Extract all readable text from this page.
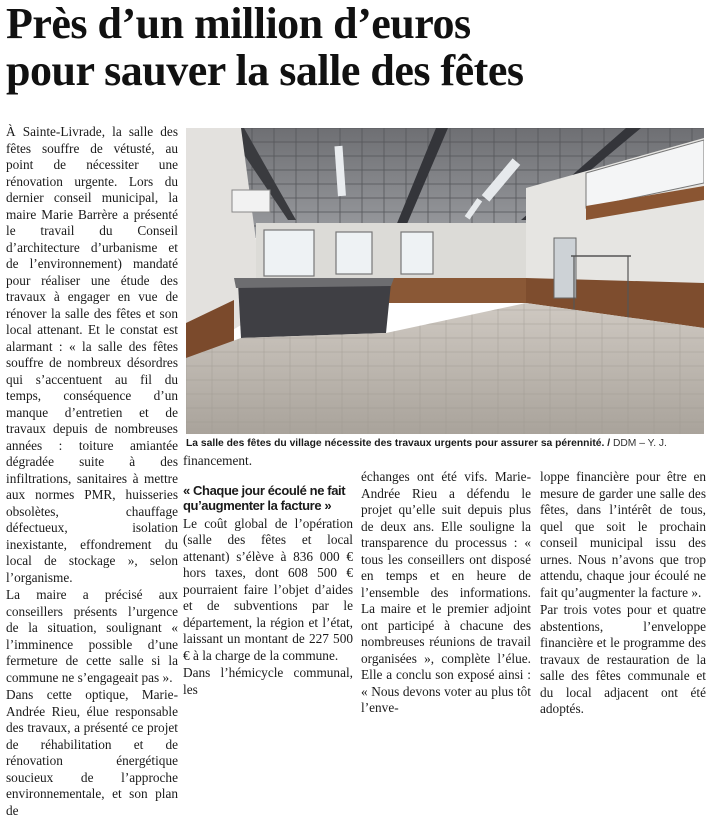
Près d’un million d’euros
pour sauver la salle des fêtes

À Sainte-Livrade, la salle des fêtes souffre de vétusté, au point de nécessiter une rénovation urgente. Lors du dernier conseil municipal, la maire Marie Barrère a présenté le travail du Conseil d’architecture d’urbanisme et de l’environnement) mandaté pour réaliser une étude des travaux à engager en vue de rénover la salle des fêtes et son local attenant. Et le constat est alarmant : « la salle des fêtes souffre de nombreux désordres qui s’accentuent au fil du temps, conséquence d’un manque d’entretien et de travaux depuis de nombreuses années : toiture amiantée dégradée suite à des infiltrations, sanitaires à mettre aux normes PMR, huisseries obsolètes, chauffage défectueux, isolation inexistante, effondrement du local de stockage », selon l’organisme.

La maire a précisé aux conseillers présents l’urgence de la situation, soulignant « l’imminence possible d’une fermeture de cette salle si la commune ne s’engageait pas ».

Dans cette optique, Marie-Andrée Rieu, élue responsable des travaux, a présenté ce projet de réhabilitation et de rénovation énergétique soucieux de l’approche environnementale, et son plan de

La salle des fêtes du village nécessite des travaux urgents pour assurer sa pérennité. / DDM – Y. J.

financement.

« Chaque jour écoulé ne fait qu’augmenter la facture »

Le coût global de l’opération (salle des fêtes et local attenant) s’élève à 836 000 € hors taxes, dont 608 500 € pourraient faire l’objet d’aides et de subventions par le département, la région et l’état, laissant un montant de 227 500 € à la charge de la commune.

Dans l’hémicycle communal, les

échanges ont été vifs. Marie-Andrée Rieu a défendu le projet qu’elle suit depuis plus de deux ans. Elle souligne la transparence du processus : « tous les conseillers ont disposé en temps et en heure de l’ensemble des informations. La maire et le premier adjoint ont participé à chacune des nombreuses réunions de travail organisées », complète l’élue. Elle a conclu son exposé ainsi : « Nous devons voter au plus tôt l’enve-

loppe financière pour être en mesure de garder une salle des fêtes, dans l’intérêt de tous, quel que soit le prochain conseil municipal issu des urnes. Nous n’avons que trop attendu, chaque jour écoulé ne fait qu’augmenter la facture ».

Par trois votes pour et quatre abstentions, l’enveloppe financière et le programme des travaux de restauration de la salle des fêtes communale et du local adjacent ont été adoptés.
